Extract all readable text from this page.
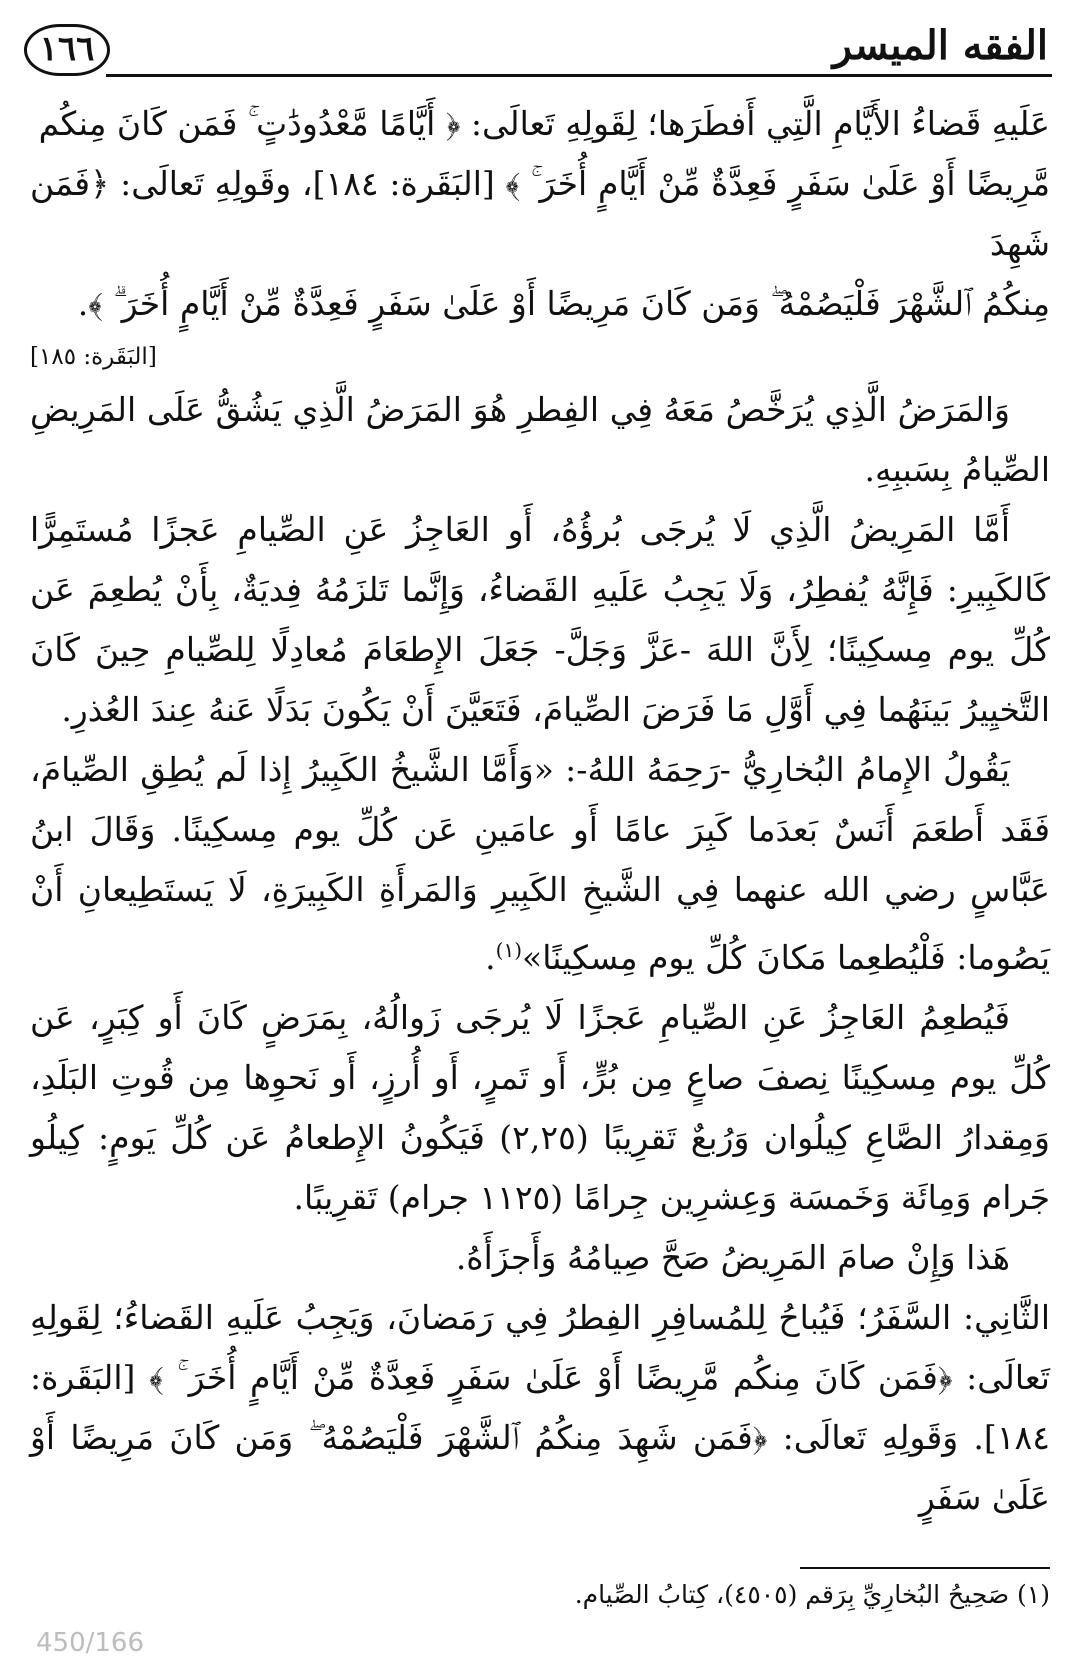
١٦٦	الفقه الميسر

عَلَيهِ قَضاءُ الأَيَّامِ الَّتِي أَفطَرَها؛ لِقَولِهِ تَعالَى: ﴿ أَيَّامًا مَّعْدُودَٰتٍ ۚ فَمَن كَانَ مِنكُم

مَّرِيضًا أَوْ عَلَىٰ سَفَرٍ فَعِدَّةٌ مِّنْ أَيَّامٍ أُخَرَ ۚ ﴾ [البَقَرة: ١٨٤]، وقَولِهِ تَعالَى: ﴿فَمَن شَهِدَ

مِنكُمُ ٱلشَّهْرَ فَلْيَصُمْهُ ۖ وَمَن كَانَ مَرِيضًا أَوْ عَلَىٰ سَفَرٍ فَعِدَّةٌ مِّنْ أَيَّامٍ أُخَرَ ۗ ﴾.

[البَقَرة: ١٨٥]

وَالمَرَضُ الَّذِي يُرَخَّصُ مَعَهُ فِي الفِطرِ هُوَ المَرَضُ الَّذِي يَشُقُّ عَلَى المَرِيضِ الصِّيامُ بِسَببِهِ.

أَمَّا المَرِيضُ الَّذِي لَا يُرجَى بُرؤُهُ، أَو العَاجِزُ عَنِ الصِّيامِ عَجزًا مُستَمِرًّا كَالكَبِيرِ: فَإِنَّهُ يُفطِرُ، وَلَا يَجِبُ عَلَيهِ القَضاءُ، وَإِنَّما تَلزَمُهُ فِديَةٌ، بِأَنْ يُطعِمَ عَن كُلِّ يوم مِسكِينًا؛ لِأَنَّ اللهَ -عَزَّ وَجَلَّ- جَعَلَ الإِطعَامَ مُعادِلًا لِلصِّيامِ حِينَ كَانَ التَّخيِيرُ بَينَهُما فِي أَوَّلِ مَا فَرَضَ الصِّيامَ، فَتَعَيَّنَ أَنْ يَكُونَ بَدَلًا عَنهُ عِندَ العُذرِ.

يَقُولُ الإِمامُ البُخارِيُّ -رَحِمَهُ اللهُ-: «وَأَمَّا الشَّيخُ الكَبِيرُ إِذا لَم يُطِقِ الصِّيامَ، فَقَد أَطعَمَ أَنَسٌ بَعدَما كَبِرَ عامًا أَو عامَينِ عَن كُلِّ يوم مِسكِينًا. وَقَالَ ابنُ عَبَّاسٍ رضي الله عنهما فِي الشَّيخِ الكَبِيرِ وَالمَرأَةِ الكَبِيرَةِ، لَا يَستَطِيعانِ أَنْ يَصُوما: فَلْيُطعِما مَكانَ كُلِّ يوم مِسكِينًا»$^{(١)}$.

فَيُطعِمُ العَاجِزُ عَنِ الصِّيامِ عَجزًا لَا يُرجَى زَوالُهُ، بِمَرَضٍ كَانَ أَو كِبَرٍ، عَن كُلِّ يوم مِسكِينًا نِصفَ صاعٍ مِن بُرٍّ، أَو تَمرٍ، أَو أُرزٍ، أَو نَحوِها مِن قُوتِ البَلَدِ، وَمِقدارُ الصَّاعِ كِيلُوان وَرُبعٌ تَقرِيبًا (٢,٢٥) فَيَكُونُ الإِطعامُ عَن كُلِّ يَومٍ: كِيلُو جَرام وَمِائَة وَخَمسَة وَعِشرِين جِرامًا (١١٢٥ جرام) تَقرِيبًا.

هَذا وَإِنْ صامَ المَرِيضُ صَحَّ صِيامُهُ وَأَجزَأَهُ.

الثَّانِي: السَّفَرُ؛ فَيُباحُ لِلمُسافِرِ الفِطرُ فِي رَمَضانَ، وَيَجِبُ عَلَيهِ القَضاءُ؛ لِقَولِهِ تَعالَى: ﴿فَمَن كَانَ مِنكُم مَّرِيضًا أَوْ عَلَىٰ سَفَرٍ فَعِدَّةٌ مِّنْ أَيَّامٍ أُخَرَ ۚ ﴾ [البَقَرة: ١٨٤]. وَقَولِهِ تَعالَى: ﴿فَمَن شَهِدَ مِنكُمُ ٱلشَّهْرَ فَلْيَصُمْهُ ۖ وَمَن كَانَ مَرِيضًا أَوْ عَلَىٰ سَفَرٍ

(١) صَحِيحُ البُخارِيِّ بِرَقم (٤٥٠٥)، كِتابُ الصِّيام.
450/166
